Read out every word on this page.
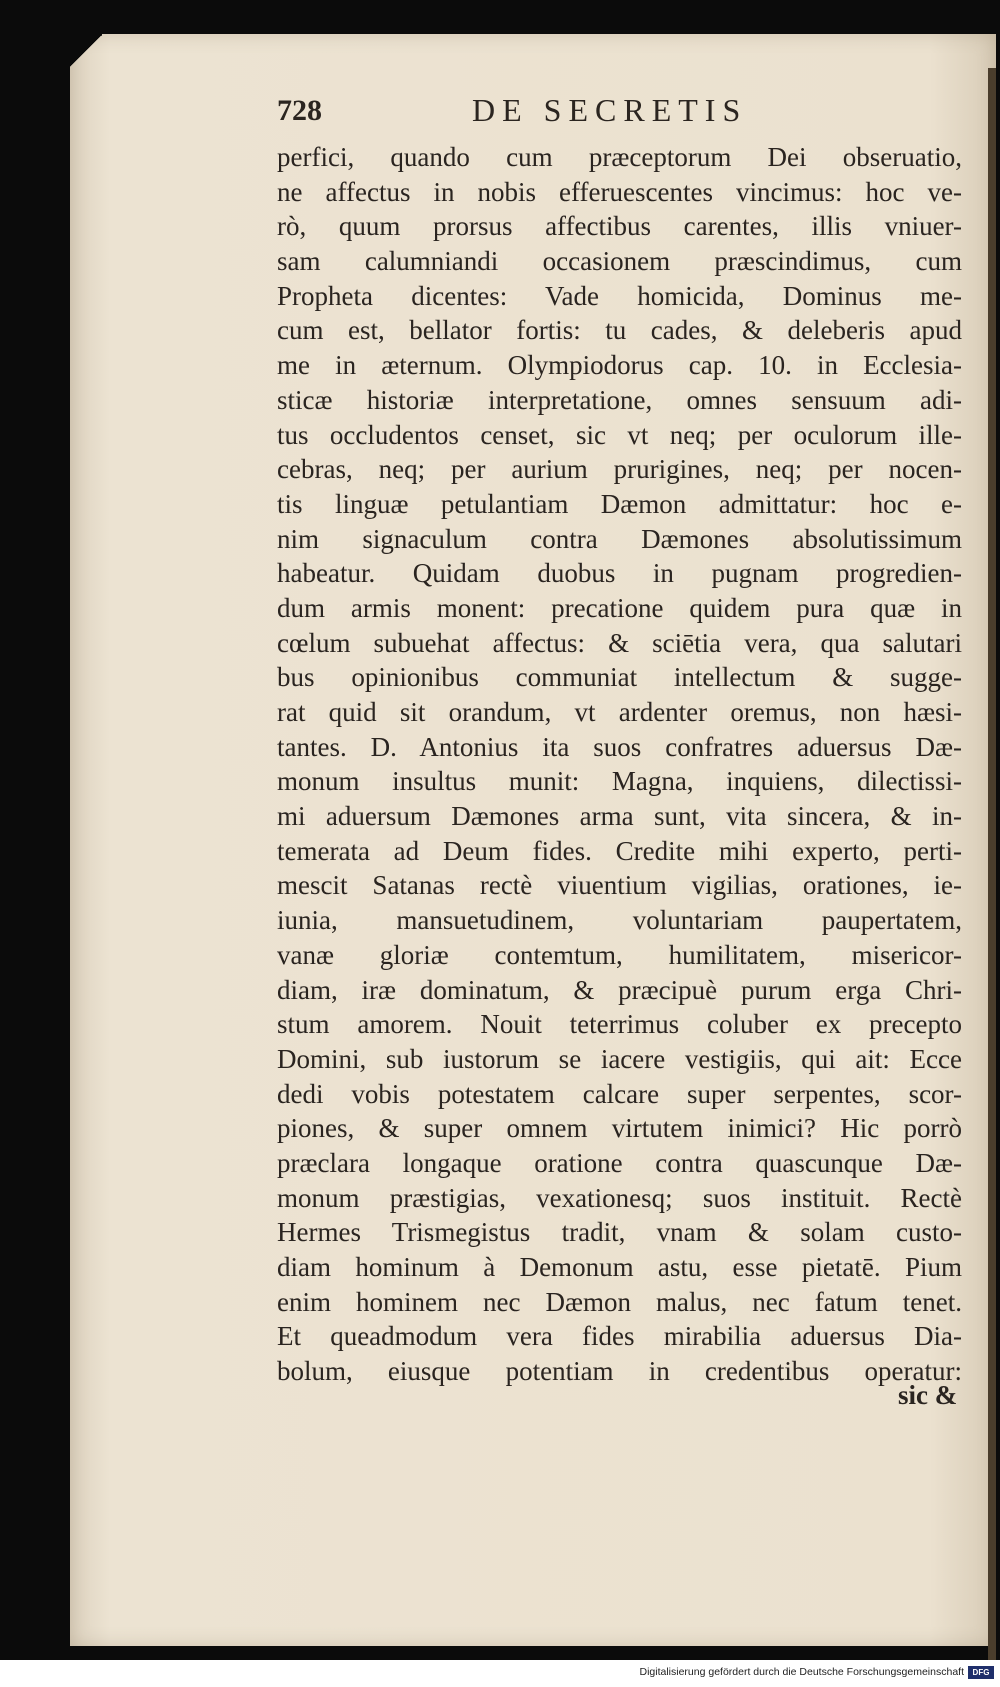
728	DE SECRETIS
perfici, quando cum præceptorum Dei obseruatio,
ne affectus in nobis efferuescentes vincimus: hoc ve-
rò, quum prorsus affectibus carentes, illis vniuer-
sam calumniandi occasionem præscindimus, cum
Propheta dicentes: Vade homicida, Dominus me-
cum est, bellator fortis: tu cades, & deleberis apud
me in æternum. Olympiodorus cap. 10. in Ecclesia-
sticæ historiæ interpretatione, omnes sensuum adi-
tus occludentos censet, sic vt neq; per oculorum ille-
cebras, neq; per aurium prurigines, neq; per nocen-
tis linguæ petulantiam Dæmon admittatur: hoc e-
nim signaculum contra Dæmones absolutissimum
habeatur. Quidam duobus in pugnam progredien-
dum armis monent: precatione quidem pura quæ in
cœlum subuehat affectus: & sciētia vera, qua salutari
bus opinionibus communiat intellectum & sugge-
rat quid sit orandum, vt ardenter oremus, non hæsi-
tantes. D. Antonius ita suos confratres aduersus Dæ-
monum insultus munit: Magna, inquiens, dilectissi-
mi aduersum Dæmones arma sunt, vita sincera, & in-
temerata ad Deum fides. Credite mihi experto, perti-
mescit Satanas rectè viuentium vigilias, orationes, ie-
iunia, mansuetudinem, voluntariam paupertatem,
vanæ gloriæ contemtum, humilitatem, misericor-
diam, iræ dominatum, & præcipuè purum erga Chri-
stum amorem. Nouit teterrimus coluber ex precepto
Domini, sub iustorum se iacere vestigiis, qui ait: Ecce
dedi vobis potestatem calcare super serpentes, scor-
piones, & super omnem virtutem inimici? Hic porrò
præclara longaque oratione contra quascunque Dæ-
monum præstigias, vexationesq; suos instituit. Rectè
Hermes Trismegistus tradit, vnam & solam custo-
diam hominum à Demonum astu, esse pietatē. Pium
enim hominem nec Dæmon malus, nec fatum tenet.
Et queadmodum vera fides mirabilia aduersus Dia-
bolum, eiusque potentiam in credentibus operatur:
sic &
Digitalisierung gefördert durch die Deutsche Forschungsgemeinschaft	DFG
